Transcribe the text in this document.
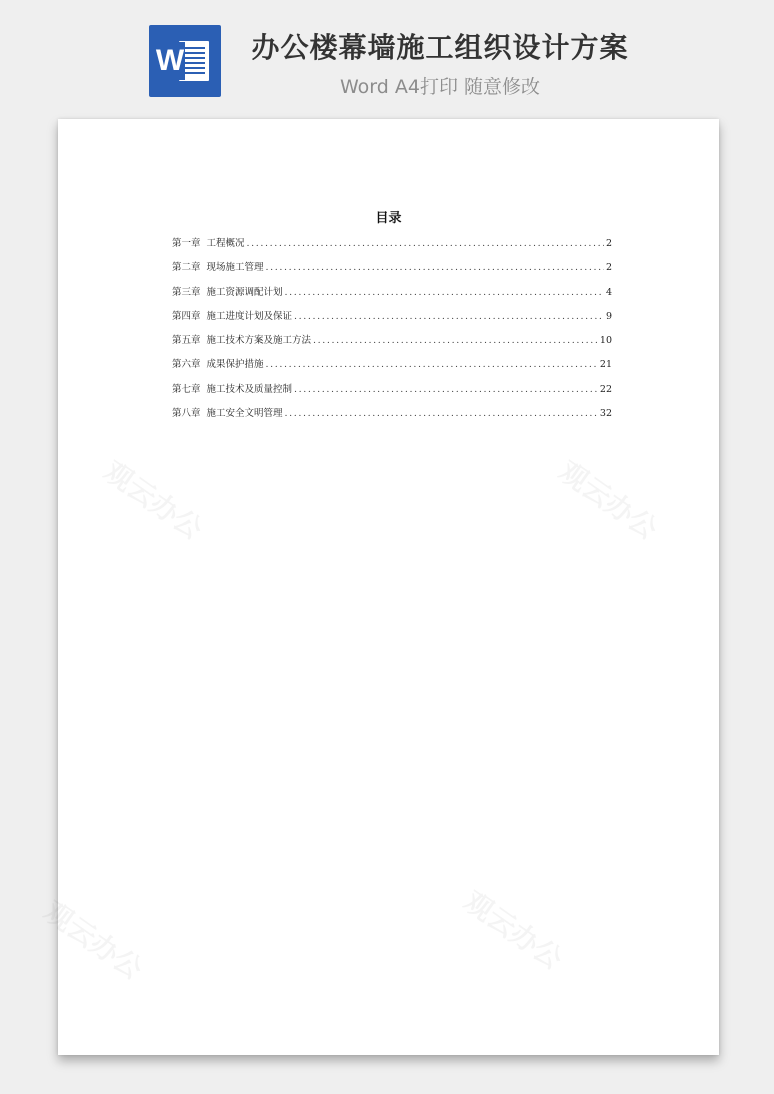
W	办公楼幕墙施工组织设计方案
Word A4打印 随意修改
目录
第一章 工程概况 .....	2
第二章 现场施工管理 .....	2
第三章 施工资源调配计划 .....	4
第四章 施工进度计划及保证 .....	9
第五章 施工技术方案及施工方法 .....	10
第六章 成果保护措施 .....	21
第七章 施工技术及质量控制 .....	22
第八章 施工安全文明管理 .....	32
